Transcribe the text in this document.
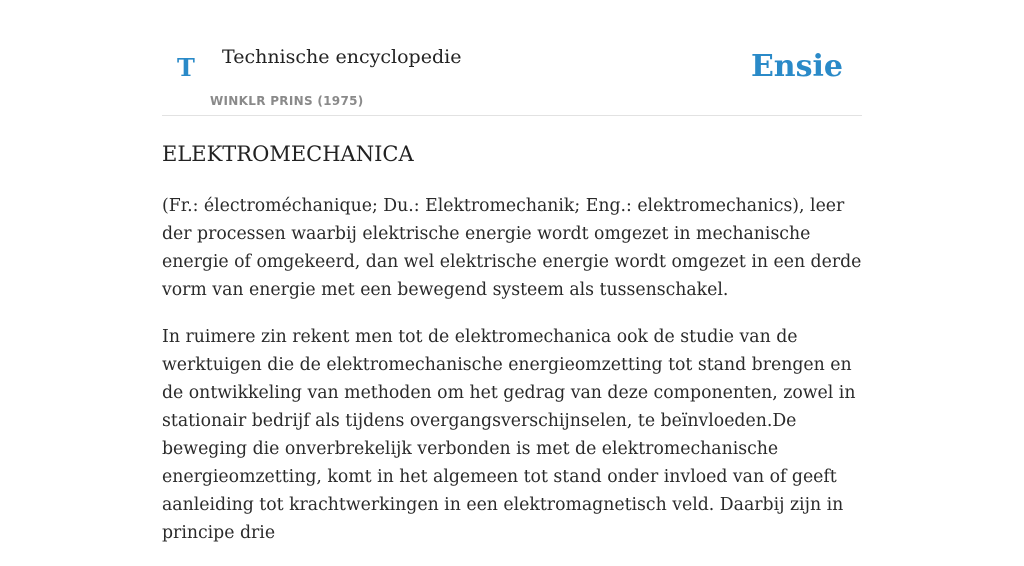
T Technische encyclopedie
WINKLR PRINS (1975)
Ensie
ELEKTROMECHANICA

(Fr.: électroméchanique; Du.: Elektromechanik; Eng.: elektromechanics), leer der processen waarbij elektrische energie wordt omgezet in mechanische energie of omgekeerd, dan wel elektrische energie wordt omgezet in een derde vorm van energie met een bewegend systeem als tussenschakel.

In ruimere zin rekent men tot de elektromechanica ook de studie van de werktuigen die de elektromechanische energieomzetting tot stand brengen en de ontwikkeling van methoden om het gedrag van deze componenten, zowel in stationair bedrijf als tijdens overgangsverschijnselen, te beïnvloeden.De beweging die onverbrekelijk verbonden is met de elektromechanische energieomzetting, komt in het algemeen tot stand onder invloed van of geeft aanleiding tot krachtwerkingen in een elektromagnetisch veld. Daarbij zijn in principe drie
